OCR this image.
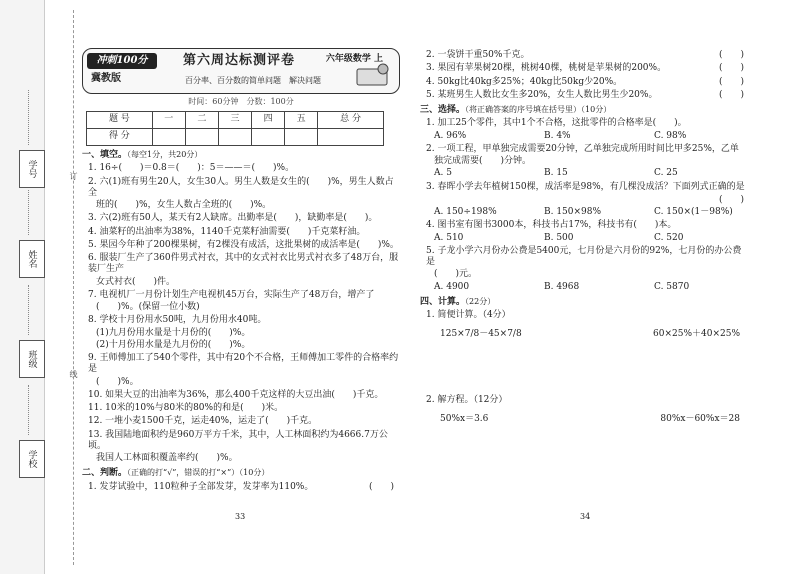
学号
姓名
班级
学校
订
线
冲刺100分
冀教版
第六周达标测评卷	六年级数学 上
百分率、百分数的简单问题　解决问题
时间：60分钟　分数：100分
题 号	一	二	三	四	五	总 分
得 分						
一、填空。（每空1分，共20分）
1. 16÷(　　)＝0.8＝(　　)：5＝——＝(　　)%。
2. 六(1)班有男生20人，女生30人。男生人数是女生的(　　)%，男生人数占全
班的(　　)%，女生人数占全班的(　　)%。
3. 六(2)班有50人，某天有2人缺席。出勤率是(　　)，缺勤率是(　　)。
4. 油菜籽的出油率为38%，1140千克菜籽油需要(　　)千克菜籽油。
5. 果园今年种了200棵果树，有2棵没有成活，这批果树的成活率是(　　)%。
6. 服装厂生产了360件男式衬衣，其中的女式衬衣比男式衬衣多了48万台，服装厂生产
女式衬衣(　　)件。
7. 电视机厂一月份计划生产电视机45万台，实际生产了48万台，增产了
(　　)%。(保留一位小数)
8. 学校十月份用水50吨，九月份用水40吨。
(1)九月份用水量是十月份的(　　)%。
(2)十月份用水量是九月份的(　　)%。
9. 王师傅加工了540个零件，其中有20个不合格，王师傅加工零件的合格率约是
(　　)%。
10. 如果大豆的出油率为36%，那么400千克这样的大豆出油(　　)千克。
11. 10米的10%与80米的80%的和是(　　)米。
12. 一堆小麦1500千克，运走40%，运走了(　　)千克。
13. 我国陆地面积约是960万平方千米，其中，人工林面积约为4666.7万公顷。
我国人工林面积覆盖率约(　　)%。
二、判断。（正确的打“√”，错误的打“×”）（10分）
1. 发芽试验中，110粒种子全部发芽，发芽率为110%。	(　　)
33
2. 一袋饼干重50%千克。	(　　)
3. 果园有苹果树20棵，桃树40棵，桃树是苹果树的200%。	(　　)
4. 50kg比40kg多25%；40kg比50kg少20%。	(　　)
5. 某班男生人数比女生多20%，女生人数比男生少20%。	(　　)
三、选择。（将正确答案的序号填在括号里）（10分）
1. 加工25个零件，其中1个不合格，这批零件的合格率是(　　)。
A. 96%	B. 4%	C. 98%
2. 一项工程，甲单独完成需要20分钟，乙单独完成所用时间比甲多25%，乙单
独完成需要(　　)分钟。
A. 5	B. 15	C. 25
3. 春晖小学去年植树150棵，成活率是98%，有几棵没成活？下面列式正确的是
(　　)
A. 150÷198%	B. 150×98%	C. 150×(1－98%)
4. 图书室有图书3000本，科技书占17%，科技书有(　　)本。
A. 510	B. 500	C. 520
5. 子龙小学六月份办公费是5400元，七月份是六月份的92%，七月份的办公费是
(　　)元。
A. 4900	B. 4968	C. 5870
四、计算。（22分）
1. 简便计算。（4分）
125×7/8－45×7/8	60×25%＋40×25%
2. 解方程。（12分）
50%x＝3.6	80%x－60%x＝28
34
